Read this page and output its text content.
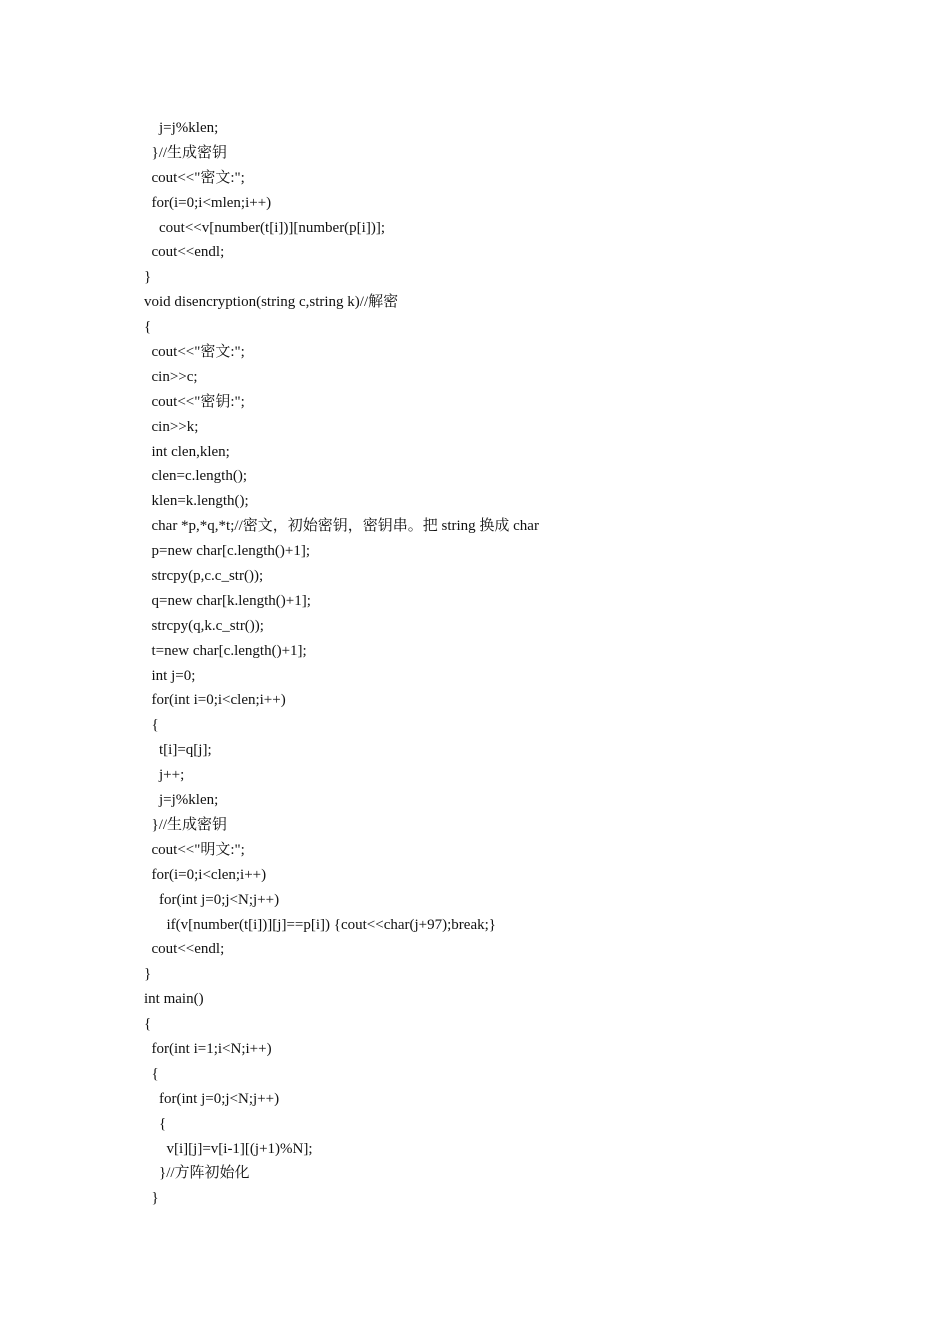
j=j%klen;
}//生成密钥
cout<<"密文:";
for(i=0;i<mlen;i++)
cout<<v[number(t[i])][number(p[i])];
cout<<endl;
}
void disencryption(string c,string k)//解密
{
cout<<"密文:";
cin>>c;
cout<<"密钥:";
cin>>k;
int clen,klen;
clen=c.length();
klen=k.length();
char *p,*q,*t;//密文，初始密钥，密钥串。把 string 换成 char
p=new char[c.length()+1];
strcpy(p,c.c_str());
q=new char[k.length()+1];
strcpy(q,k.c_str());
t=new char[c.length()+1];
int j=0;
for(int i=0;i<clen;i++)
{
t[i]=q[j];
j++;
j=j%klen;
}//生成密钥
cout<<"明文:";
for(i=0;i<clen;i++)
for(int j=0;j<N;j++)
if(v[number(t[i])][j]==p[i]) {cout<<char(j+97);break;}
cout<<endl;
}
int main()
{
for(int i=1;i<N;i++)
{
for(int j=0;j<N;j++)
{
v[i][j]=v[i-1][(j+1)%N];
}//方阵初始化
}
